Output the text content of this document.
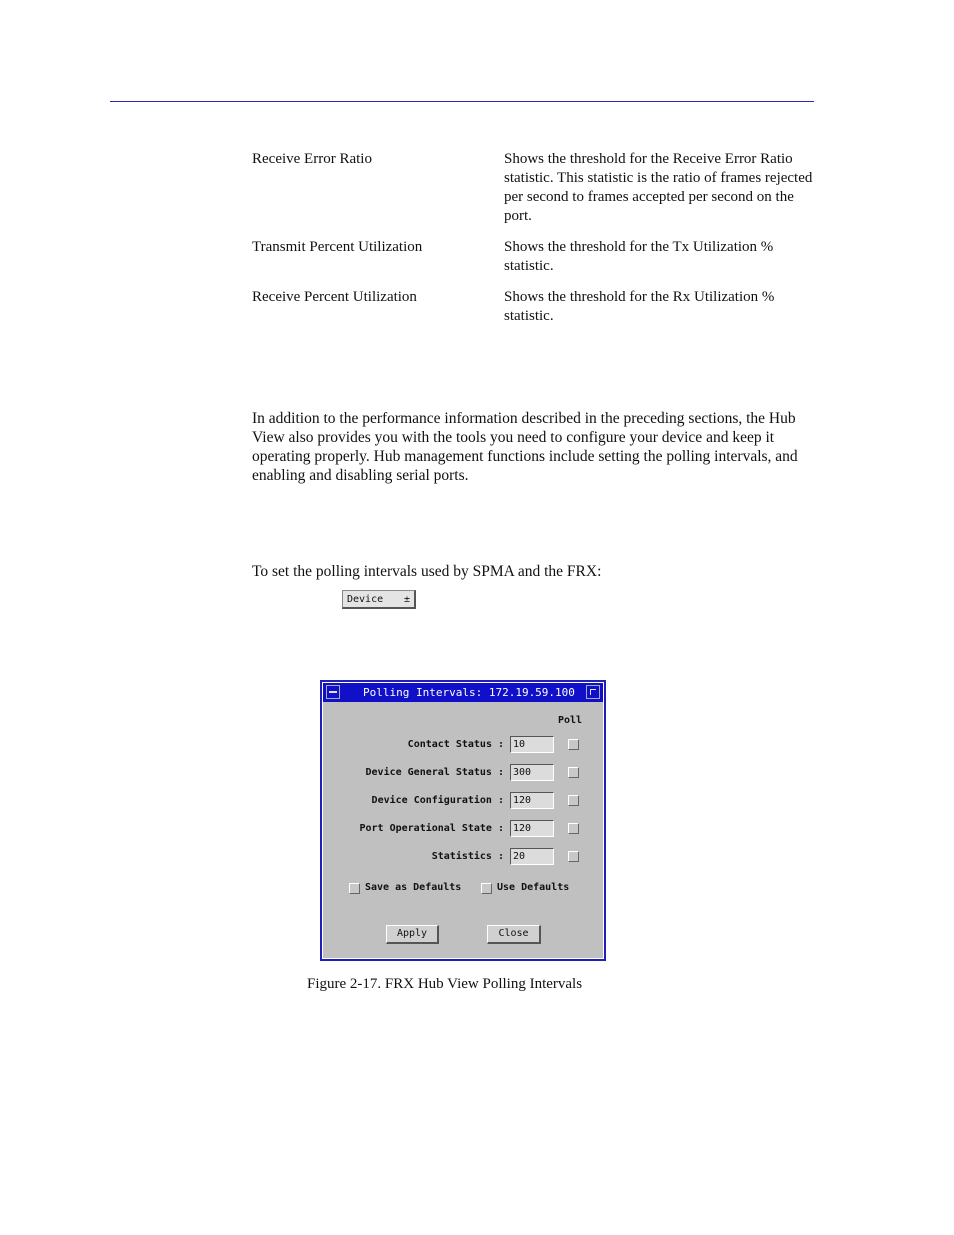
Receive Error Ratio	Shows the threshold for the Receive Error Ratio statistic. This statistic is the ratio of frames rejected per second to frames accepted per second on the port.
Transmit Percent Utilization	Shows the threshold for the Tx Utilization % statistic.
Receive Percent Utilization	Shows the threshold for the Rx Utilization % statistic.
In addition to the performance information described in the preceding sections, the Hub View also provides you with the tools you need to configure your device and keep it operating properly. Hub management functions include setting the polling intervals, and enabling and disabling serial ports.
To set the polling intervals used by SPMA and the FRX:
Device ±
Polling Intervals: 172.19.59.100
Poll
Contact Status : 10
Device General Status : 300
Device Configuration : 120
Port Operational State : 120
Statistics : 20
Save as Defaults	Use Defaults
Apply	Close
Figure 2-17. FRX Hub View Polling Intervals
